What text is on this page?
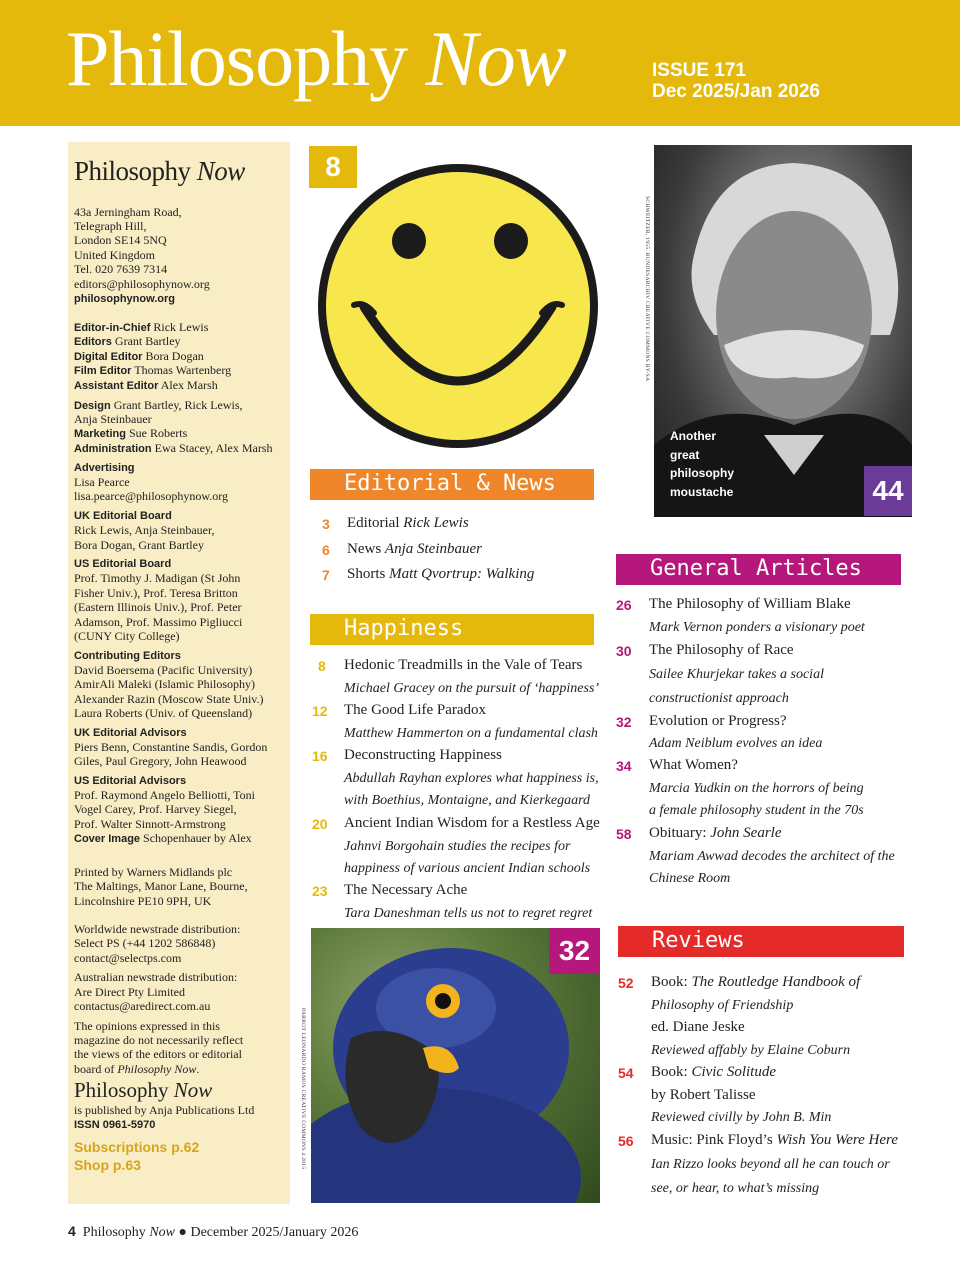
Philosophy Now	ISSUE 171
Dec 2025/Jan 2026
Philosophy Now
43a Jerningham Road,
Telegraph Hill,
London SE14 5NQ
United Kingdom
Tel. 020 7639 7314
editors@philosophynow.org
philosophynow.org
Editor-in-Chief Rick Lewis
Editors Grant Bartley
Digital Editor Bora Dogan
Film Editor Thomas Wartenberg
Assistant Editor Alex Marsh
Design Grant Bartley, Rick Lewis,
Anja Steinbauer
Marketing Sue Roberts
Administration Ewa Stacey, Alex Marsh
Advertising
Lisa Pearce
lisa.pearce@philosophynow.org
UK Editorial Board
Rick Lewis, Anja Steinbauer,
Bora Dogan, Grant Bartley
US Editorial Board
Prof. Timothy J. Madigan (St John
Fisher Univ.), Prof. Teresa Britton
(Eastern Illinois Univ.), Prof. Peter
Adamson, Prof. Massimo Pigliucci
(CUNY City College)
Contributing Editors
David Boersema (Pacific University)
AmirAli Maleki (Islamic Philosophy)
Alexander Razin (Moscow State Univ.)
Laura Roberts (Univ. of Queensland)
UK Editorial Advisors
Piers Benn, Constantine Sandis, Gordon
Giles, Paul Gregory, John Heawood
US Editorial Advisors
Prof. Raymond Angelo Belliotti, Toni
Vogel Carey, Prof. Harvey Siegel,
Prof. Walter Sinnott-Armstrong
Cover Image Schopenhauer by Alex
Printed by Warners Midlands plc
The Maltings, Manor Lane, Bourne,
Lincolnshire PE10 9PH, UK
Worldwide newstrade distribution:
Select PS (+44 1202 586848)
contact@selectps.com
Australian newstrade distribution:
Are Direct Pty Limited
contactus@aredirect.com.au
The opinions expressed in this
magazine do not necessarily reflect
the views of the editors or editorial
board of Philosophy Now.
Philosophy Now
is published by Anja Publications Ltd
ISSN 0961-5970
Subscriptions p.62
Shop p.63
8
Another
great
philosophy
moustache	44
SCHWEITZER, 1955. BUNDESARCHIV CREATIVE COMMONS BY-SA
Editorial & News
3 Editorial Rick Lewis
6 News Anja Steinbauer
7 Shorts Matt Qvortrup: Walking
Happiness
8 Hedonic Treadmills in the Vale of Tears
Michael Gracey on the pursuit of ‘happiness’
12 The Good Life Paradox
Matthew Hammerton on a fundamental clash
16 Deconstructing Happiness
Abdullah Rayhan explores what happiness is,
with Boethius, Montaigne, and Kierkegaard
20 Ancient Indian Wisdom for a Restless Age
Jahnvi Borgohain studies the recipes for
happiness of various ancient Indian schools
23 The Necessary Ache
Tara Daneshman tells us not to regret regret
32
PARROT LEONARDO RAMOS CREATIVE COMMONS 4 2015
General Articles
26 The Philosophy of William Blake
Mark Vernon ponders a visionary poet
30 The Philosophy of Race
Sailee Khurjekar takes a social
constructionist approach
32 Evolution or Progress?
Adam Neiblum evolves an idea
34 What Women?
Marcia Yudkin on the horrors of being
a female philosophy student in the 70s
58 Obituary: John Searle
Mariam Awwad decodes the architect of the
Chinese Room
Reviews
52 Book: The Routledge Handbook of
Philosophy of Friendship
ed. Diane Jeske
Reviewed affably by Elaine Coburn
54 Book: Civic Solitude
by Robert Talisse
Reviewed civilly by John B. Min
56 Music: Pink Floyd’s Wish You Were Here
Ian Rizzo looks beyond all he can touch or
see, or hear, to what’s missing
4 Philosophy Now ● December 2025/January 2026
